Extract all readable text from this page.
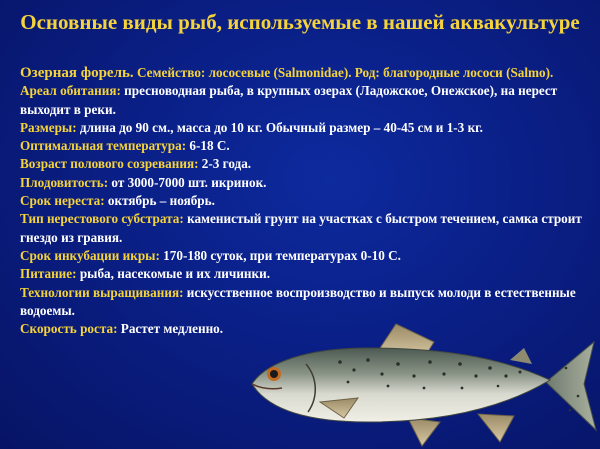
Основные виды рыб, используемые в нашей аквакультуре

Озерная форель. Семейство: лососевые (Salmonidae). Род: благородные лососи (Salmo).

Ареал обитания: пресноводная рыба, в крупных озерах (Ладожское, Онежское), на нерест выходит в реки.

Размеры: длина до 90 см., масса до 10 кг. Обычный размер – 40-45 см и 1-3 кг.

Оптимальная температура: 6-18 С.

Возраст полового созревания: 2-3 года.

Плодовитость: от 3000-7000 шт. икринок.

Срок нереста: октябрь – ноябрь.

Тип нерестового субстрата: каменистый грунт на участках с быстром течением, самка строит гнездо из гравия.

Срок инкубации икры: 170-180 суток, при температурах 0-10 С.

Питание: рыба, насекомые и их личинки.

Технологии выращивания: искусственное воспроизводство и выпуск молоди в естественные водоемы.

Скорость роста: Растет медленно.
